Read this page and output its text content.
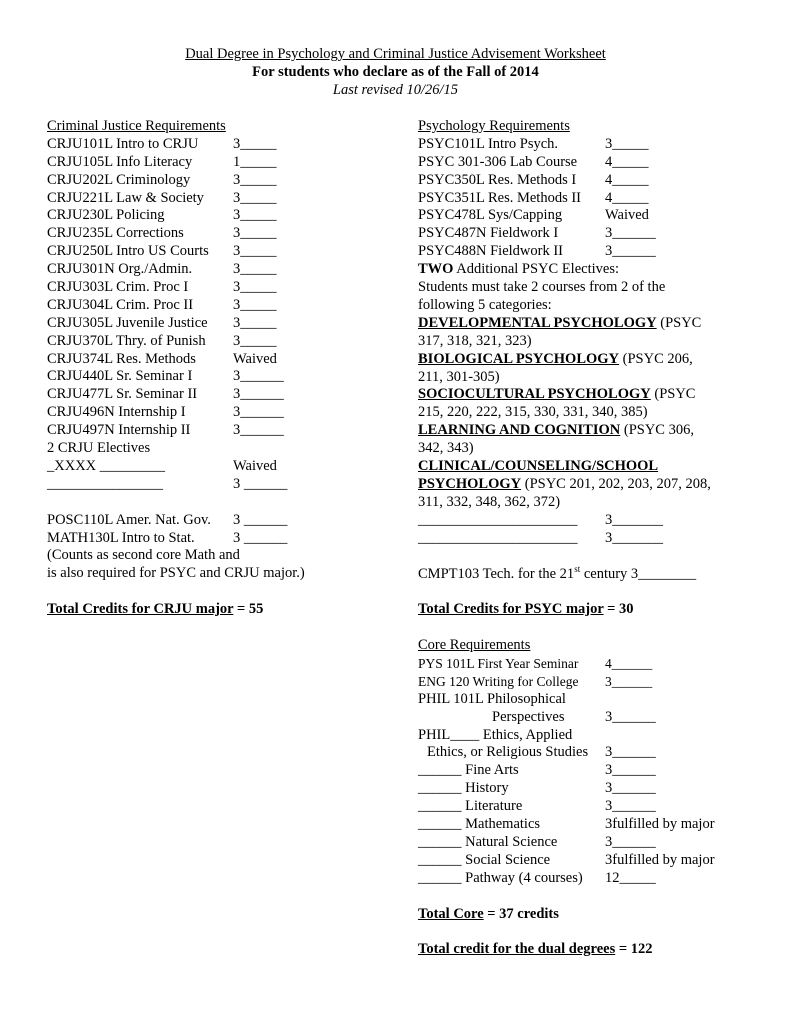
Dual Degree in Psychology and Criminal Justice Advisement Worksheet
For students who declare as of the Fall of 2014
Last revised 10/26/15
Criminal Justice Requirements
CRJU101L Intro to CRJU 3_____
CRJU105L Info Literacy	1_____
CRJU202L Criminology	3_____
CRJU221L Law & Society 3_____
CRJU230L Policing	3_____
CRJU235L Corrections	3_____
CRJU250L Intro US Courts 3_____
CRJU301N Org./Admin.	3_____
CRJU303L Crim. Proc I	3_____
CRJU304L Crim. Proc II	3_____
CRJU305L Juvenile Justice 3_____
CRJU370L Thry. of Punish 3_____
CRJU374L Res. Methods	Waived
CRJU440L Sr. Seminar I	3______
CRJU477L Sr. Seminar II 3______
CRJU496N Internship I	3______
CRJU497N Internship II	3______
2 CRJU Electives
_XXXX _________	Waived
________________	3 ______
POSC110L Amer. Nat. Gov. 3 ______
MATH130L Intro to Stat.	3 ______
(Counts as second core Math and
is also required for PSYC and CRJU major.)
Total Credits for CRJU major = 55
Psychology Requirements
PSYC101L Intro Psych.	3_____
PSYC 301-306 Lab Course 4_____
PSYC350L Res. Methods I 4_____
PSYC351L Res. Methods II 4_____
PSYC478L Sys/Capping	Waived
PSYC487N Fieldwork I	3______
PSYC488N Fieldwork II	3______
TWO Additional PSYC Electives:
Students must take 2 courses from 2 of the
following 5 categories:
DEVELOPMENTAL PSYCHOLOGY (PSYC
317, 318, 321, 323)
BIOLOGICAL PSYCHOLOGY (PSYC 206,
211, 301-305)
SOCIOCULTURAL PSYCHOLOGY (PSYC
215, 220, 222, 315, 330, 331, 340, 385)
LEARNING AND COGNITION (PSYC 306,
342, 343)
CLINICAL/COUNSELING/SCHOOL
PSYCHOLOGY (PSYC 201, 202, 203, 207, 208,
311, 332, 348, 362, 372)
______________________ 3_______
______________________ 3_______
CMPT103 Tech. for the 21st century 3________
Total Credits for PSYC major = 30
Core Requirements
PYS 101L First Year Seminar 4______
ENG 120 Writing for College 3______
PHIL 101L Philosophical
Perspectives	3______
PHIL____ Ethics, Applied
Ethics, or Religious Studies 3______
______ Fine Arts	3______
______ History	3______
______ Literature	3______
______ Mathematics	3fulfilled by major
______ Natural Science	3______
______ Social Science	3fulfilled by major
______ Pathway (4 courses) 12_____
Total Core = 37 credits
Total credit for the dual degrees = 122
